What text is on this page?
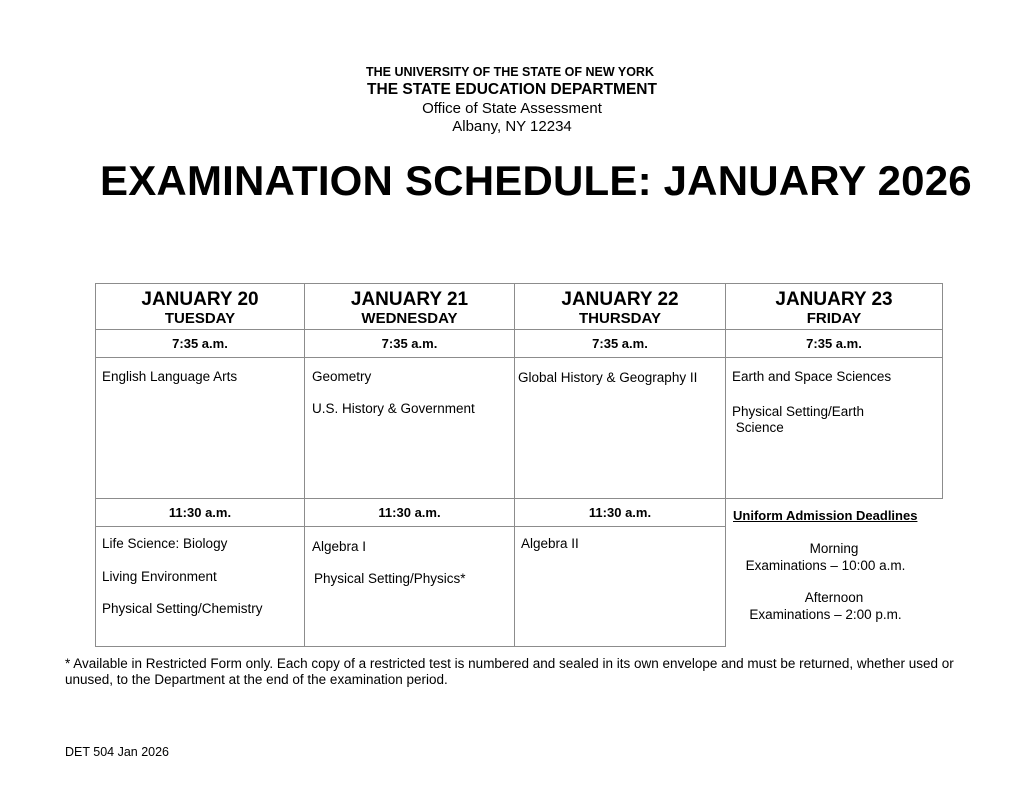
THE UNIVERSITY OF THE STATE OF NEW YORK
THE STATE EDUCATION DEPARTMENT
Office of State Assessment
Albany, NY 12234
EXAMINATION SCHEDULE: JANUARY 2026
JANUARY 20
TUESDAY
7:35 a.m.
English Language Arts
11:30 a.m.
Life Science: Biology
Living Environment
Physical Setting/Chemistry
JANUARY 21
WEDNESDAY
7:35 a.m.
Geometry
U.S. History & Government
11:30 a.m.
Algebra I
Physical Setting/Physics*
JANUARY 22
THURSDAY
7:35 a.m.
Global History & Geography II
11:30 a.m.
Algebra II
JANUARY 23
FRIDAY
7:35 a.m.
Earth and Space Sciences
Physical Setting/Earth
Science
Uniform Admission Deadlines
Morning
Examinations – 10:00 a.m.
Afternoon
Examinations – 2:00 p.m.
* Available in Restricted Form only. Each copy of a restricted test is numbered and sealed in its own envelope and must be returned, whether used or unused, to the Department at the end of the examination period.
DET 504 Jan 2026
